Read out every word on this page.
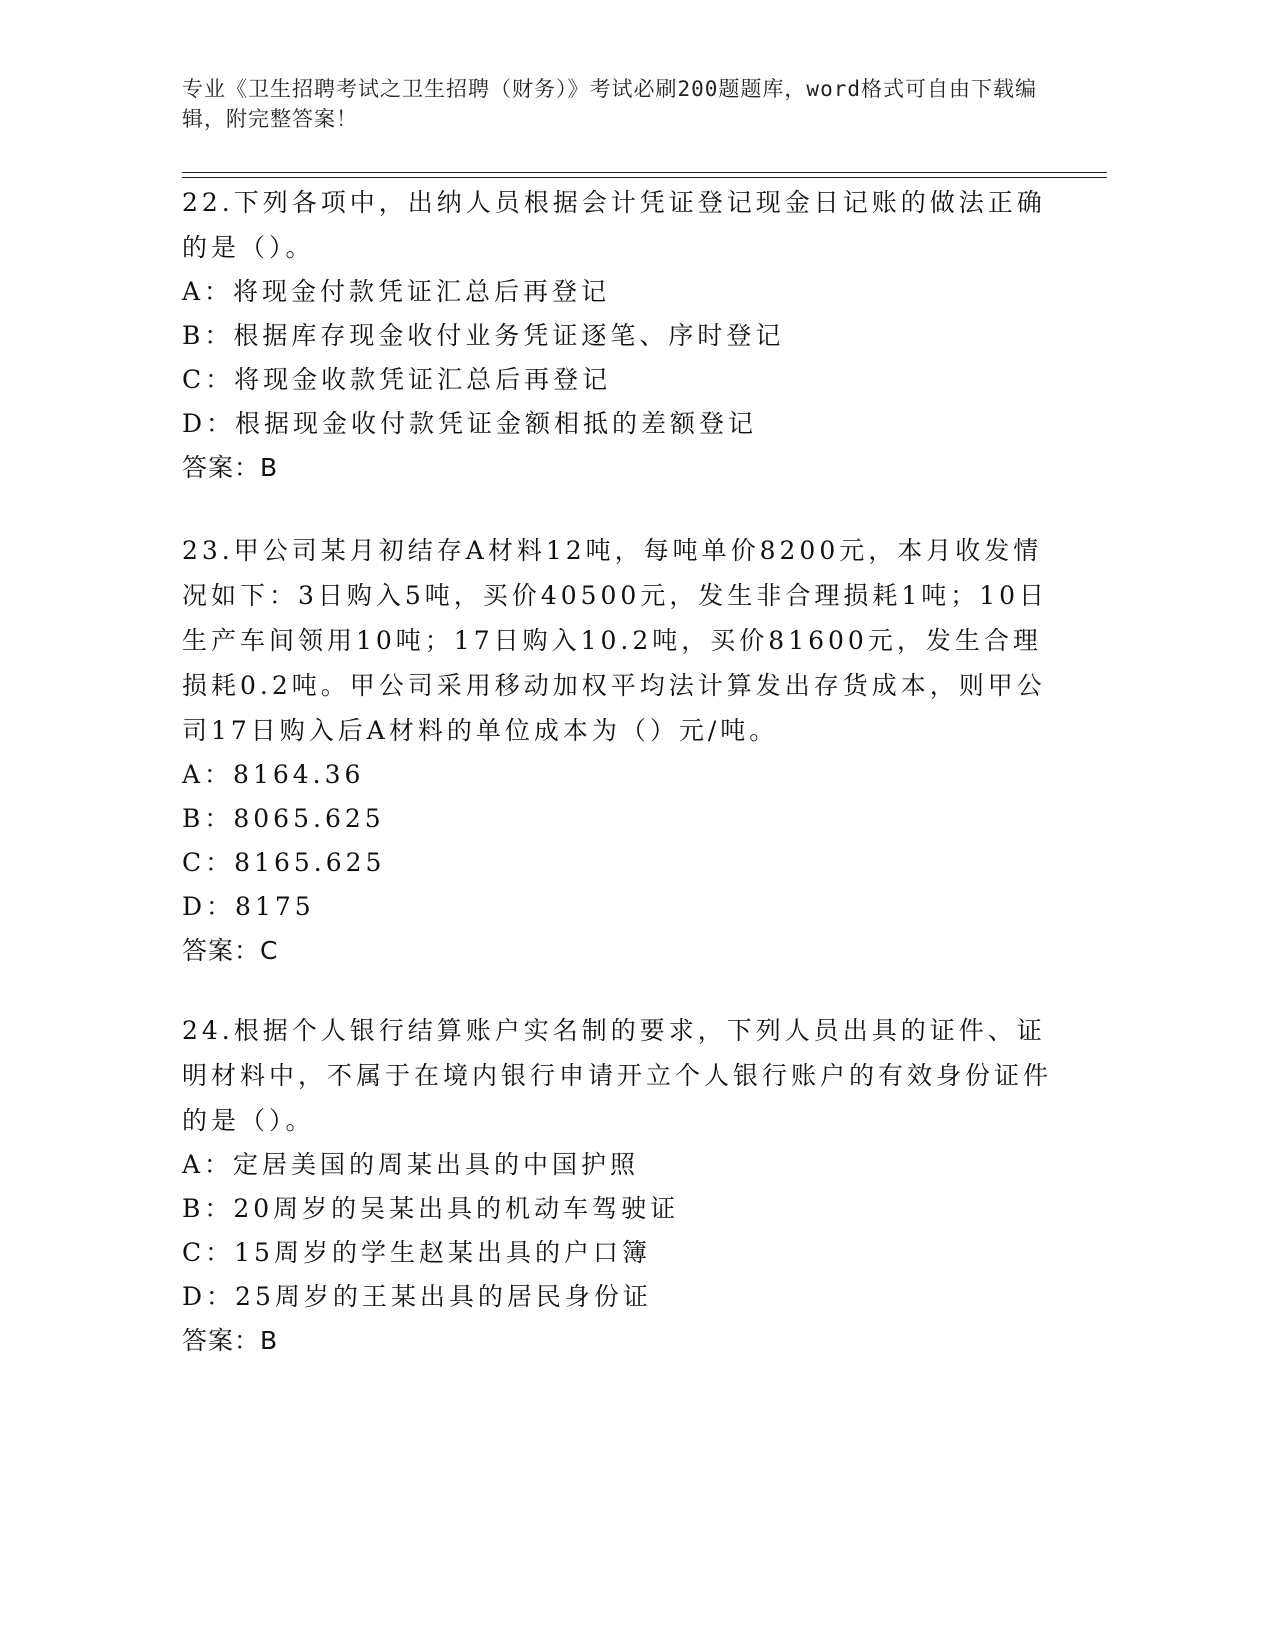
专业《卫生招聘考试之卫生招聘（财务）》考试必刷200题题库，word格式可自由下载编辑，附完整答案！

22.下列各项中，出纳人员根据会计凭证登记现金日记账的做法正确的是（）。

A：将现金付款凭证汇总后再登记

B：根据库存现金收付业务凭证逐笔、序时登记

C：将现金收款凭证汇总后再登记

D：根据现金收付款凭证金额相抵的差额登记

答案：B

23.甲公司某月初结存A材料12吨，每吨单价8200元，本月收发情况如下：3日购入5吨，买价40500元，发生非合理损耗1吨；10日生产车间领用10吨；17日购入10.2吨，买价81600元，发生合理损耗0.2吨。甲公司采用移动加权平均法计算发出存货成本，则甲公司17日购入后A材料的单位成本为（）元/吨。

A：8164.36

B：8065.625

C：8165.625

D：8175

答案：C

24.根据个人银行结算账户实名制的要求，下列人员出具的证件、证明材料中，不属于在境内银行申请开立个人银行账户的有效身份证件的是（）。

A：定居美国的周某出具的中国护照

B：20周岁的吴某出具的机动车驾驶证

C：15周岁的学生赵某出具的户口簿

D：25周岁的王某出具的居民身份证

答案：B
